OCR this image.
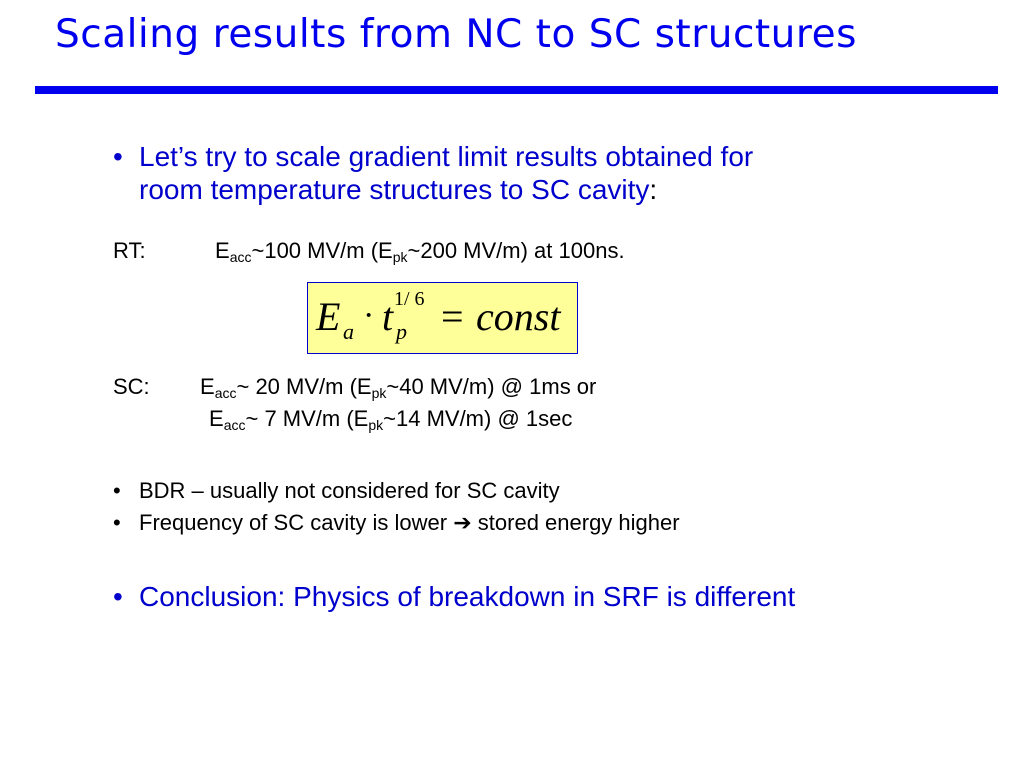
Scaling results from NC to SC structures
• Let’s try to scale gradient limit results obtained for
room temperature structures to SC cavity:
RT:	$E_{acc}\sim 100$ MV/m ($E_{pk}\sim 200$ MV/m) at 100ns.
E a · t 1/ 6
p = const
SC: $E_{acc}\sim$ 20 MV/m ($E_{pk}\sim 40$ MV/m) @ 1ms or
$E_{acc}\sim$ 7 MV/m ($E_{pk}\sim 14$ MV/m) @ 1sec
• BDR – usually not considered for SC cavity
• Frequency of SC cavity is lower ➔ stored energy higher
• Conclusion: Physics of breakdown in SRF is different
